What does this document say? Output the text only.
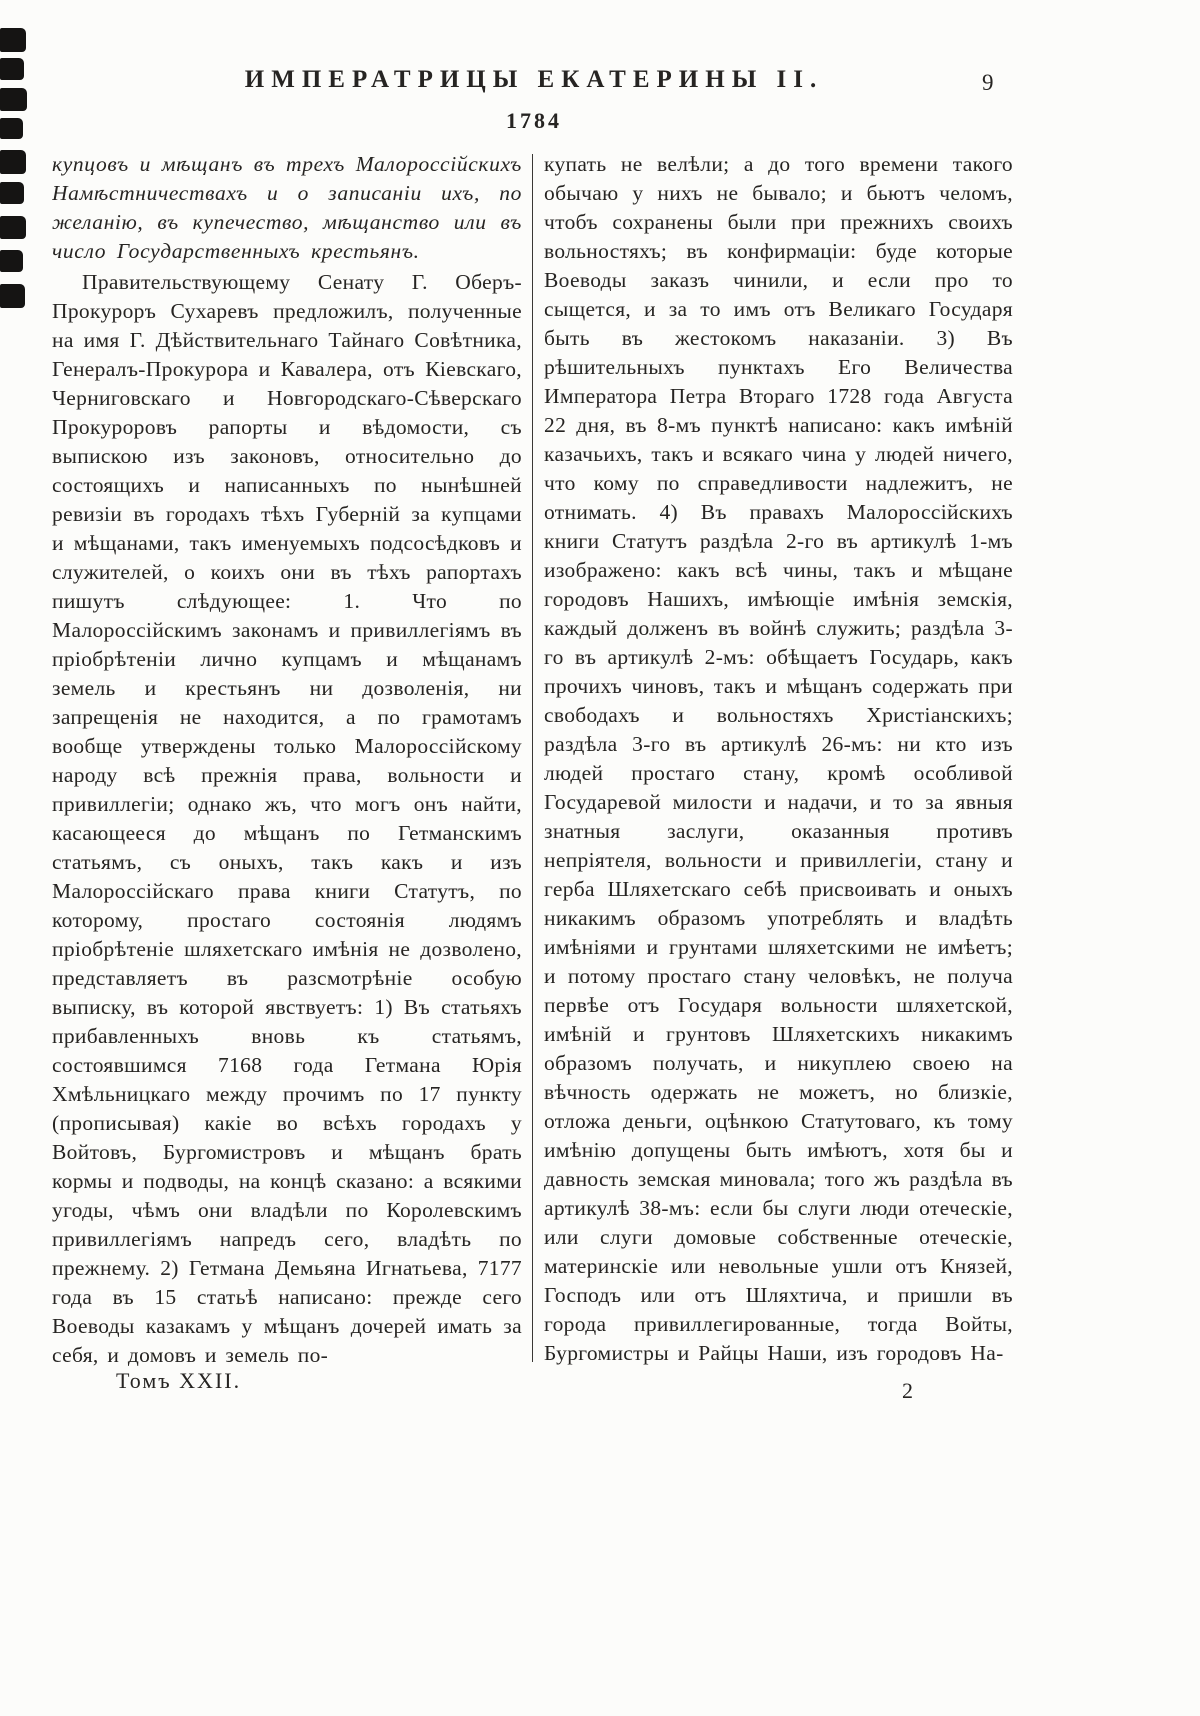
ИМПЕРАТРИЦЫ ЕКАТЕРИНЫ II.	9
1784

купцовъ и мѣщанъ въ трехъ Малороссійскихъ Намѣстничествахъ и о записаніи ихъ, по желанію, въ купечество, мѣщанство или въ число Государственныхъ крестьянъ.

Правительствующему Сенату Г. Оберъ-Прокуроръ Сухаревъ предложилъ, полученные на имя Г. Дѣйствительнаго Тайнаго Совѣтника, Генералъ-Прокурора и Кавалера, отъ Кіевскаго, Черниговскаго и Новгородскаго-Сѣверскаго Прокуроровъ рапорты и вѣдомости, съ выпискою изъ законовъ, относительно до состоящихъ и написанныхъ по нынѣшней ревизіи въ городахъ тѣхъ Губерній за купцами и мѣщанами, такъ именуемыхъ подсосѣдковъ и служителей, о коихъ они въ тѣхъ рапортахъ пишутъ слѣдующее: 1. Что по Малороссійскимъ законамъ и привиллегіямъ въ пріобрѣтеніи лично купцамъ и мѣщанамъ земель и крестьянъ ни дозволенія, ни запрещенія не находится, а по грамотамъ вообще утверждены только Малороссійскому народу всѣ прежнія права, вольности и привиллегіи; однако жъ, что могъ онъ найти, касающееся до мѣщанъ по Гетманскимъ статьямъ, съ оныхъ, такъ какъ и изъ Малороссійскаго права книги Статутъ, по которому, простаго состоянія людямъ пріобрѣтеніе шляхетскаго имѣнія не дозволено, представляетъ въ разсмотрѣніе особую выписку, въ которой явствуетъ: 1) Въ статьяхъ прибавленныхъ вновь къ статьямъ, состоявшимся 7168 года Гетмана Юрія Хмѣльницкаго между прочимъ по 17 пункту (прописывая) какіе во всѣхъ городахъ у Войтовъ, Бургомистровъ и мѣщанъ брать кормы и подводы, на концѣ сказано: а всякими угоды, чѣмъ они владѣли по Королевскимъ привиллегіямъ напредъ сего, владѣть по прежнему. 2) Гетмана Демьяна Игнатьева, 7177 года въ 15 статьѣ написано: прежде сего Воеводы казакамъ у мѣщанъ дочерей имать за себя, и домовъ и земель по-

купать не велѣли; а до того времени такого обычаю у нихъ не бывало; и бьютъ челомъ, чтобъ сохранены были при прежнихъ своихъ вольностяхъ; въ конфирмаціи: буде которые Воеводы заказъ чинили, и если про то сыщется, и за то имъ отъ Великаго Государя быть въ жестокомъ наказаніи. 3) Въ рѣшительныхъ пунктахъ Его Величества Императора Петра Втораго 1728 года Августа 22 дня, въ 8-мъ пунктѣ написано: какъ имѣній казачьихъ, такъ и всякаго чина у людей ничего, что кому по справедливости надлежитъ, не отнимать. 4) Въ правахъ Малороссійскихъ книги Статутъ раздѣла 2-го въ артикулѣ 1-мъ изображено: какъ всѣ чины, такъ и мѣщане городовъ Нашихъ, имѣющіе имѣнія земскія, каждый долженъ въ войнѣ служить; раздѣла 3-го въ артикулѣ 2-мъ: обѣщаетъ Государь, какъ прочихъ чиновъ, такъ и мѣщанъ содержать при свободахъ и вольностяхъ Христіанскихъ; раздѣла 3-го въ артикулѣ 26-мъ: ни кто изъ людей простаго стану, кромѣ особливой Государевой милости и надачи, и то за явныя знатныя заслуги, оказанныя противъ непріятеля, вольности и привиллегіи, стану и герба Шляхетскаго себѣ присвоивать и оныхъ никакимъ образомъ употреблять и владѣть имѣніями и грунтами шляхетскими не имѣетъ; и потому простаго стану человѣкъ, не получа первѣе отъ Государя вольности шляхетской, имѣній и грунтовъ Шляхетскихъ никакимъ образомъ получать, и никуплею своею на вѣчность одержать не можетъ, но близкіе, отложа деньги, оцѣнкою Статутоваго, къ тому имѣнію допущены быть имѣютъ, хотя бы и давность земская миновала; того жъ раздѣла въ артикулѣ 38-мъ: если бы слуги люди отеческіе, или слуги домовые собственные отеческіе, материнскіе или невольные ушли отъ Князей, Господъ или отъ Шляхтича, и пришли въ города привиллегированные, тогда Войты, Бургомистры и Райцы Наши, изъ городовъ На-

Томъ XXII.	2
